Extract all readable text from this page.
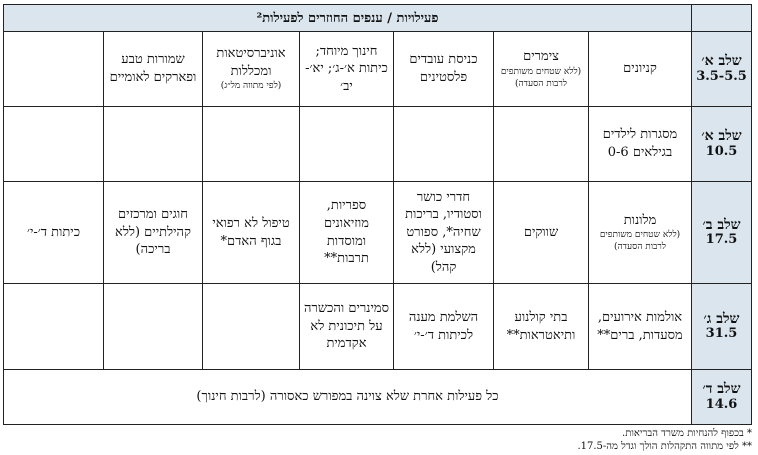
פעילויות / ענפים החוזרים לפעילות²
שלב א׳
3.5-5.5
שלב א׳
10.5
שלב ב׳
17.5
שלב ג׳
31.5
שלב ד׳
14.6
קניונים
צימרים
(ללא שטחים משותפים לרבות הסעדה)
כניסת עובדים פלסטינים
חינוך מיוחד; כיתות א׳-ג׳; יא׳-יב׳
אוניברסיטאות ומכללות
(לפי מתווה מל״ג)
שמורות טבע ופארקים לאומיים
מסגרות לילדים בגילאים 0-6
מלונות
(ללא שטחים משותפים לרבות הסעדה)
שווקים
חדרי כושר וסטודיו, בריכות שחיה*, ספורט מקצועי (ללא קהל)
ספריות, מוזיאונים ומוסדות תרבות**
טיפול לא רפואי בגוף האדם*
חוגים ומרכזים קהילתיים (ללא בריכה)
כיתות ד׳-י׳
אולמות אירועים, מסעדות, ברים**
בתי קולנוע ותיאטראות**
השלמת מענה לכיתות ד׳-י׳
סמינרים והכשרה על תיכונית לא אקדמית
כל פעילות אחרת שלא צוינה במפורש כאסורה (לרבות חינוך)
* בכפוף להנחיות משרד הבריאות.
** לפי מתווה התקהלות הולך וגדל מה-17.5.
